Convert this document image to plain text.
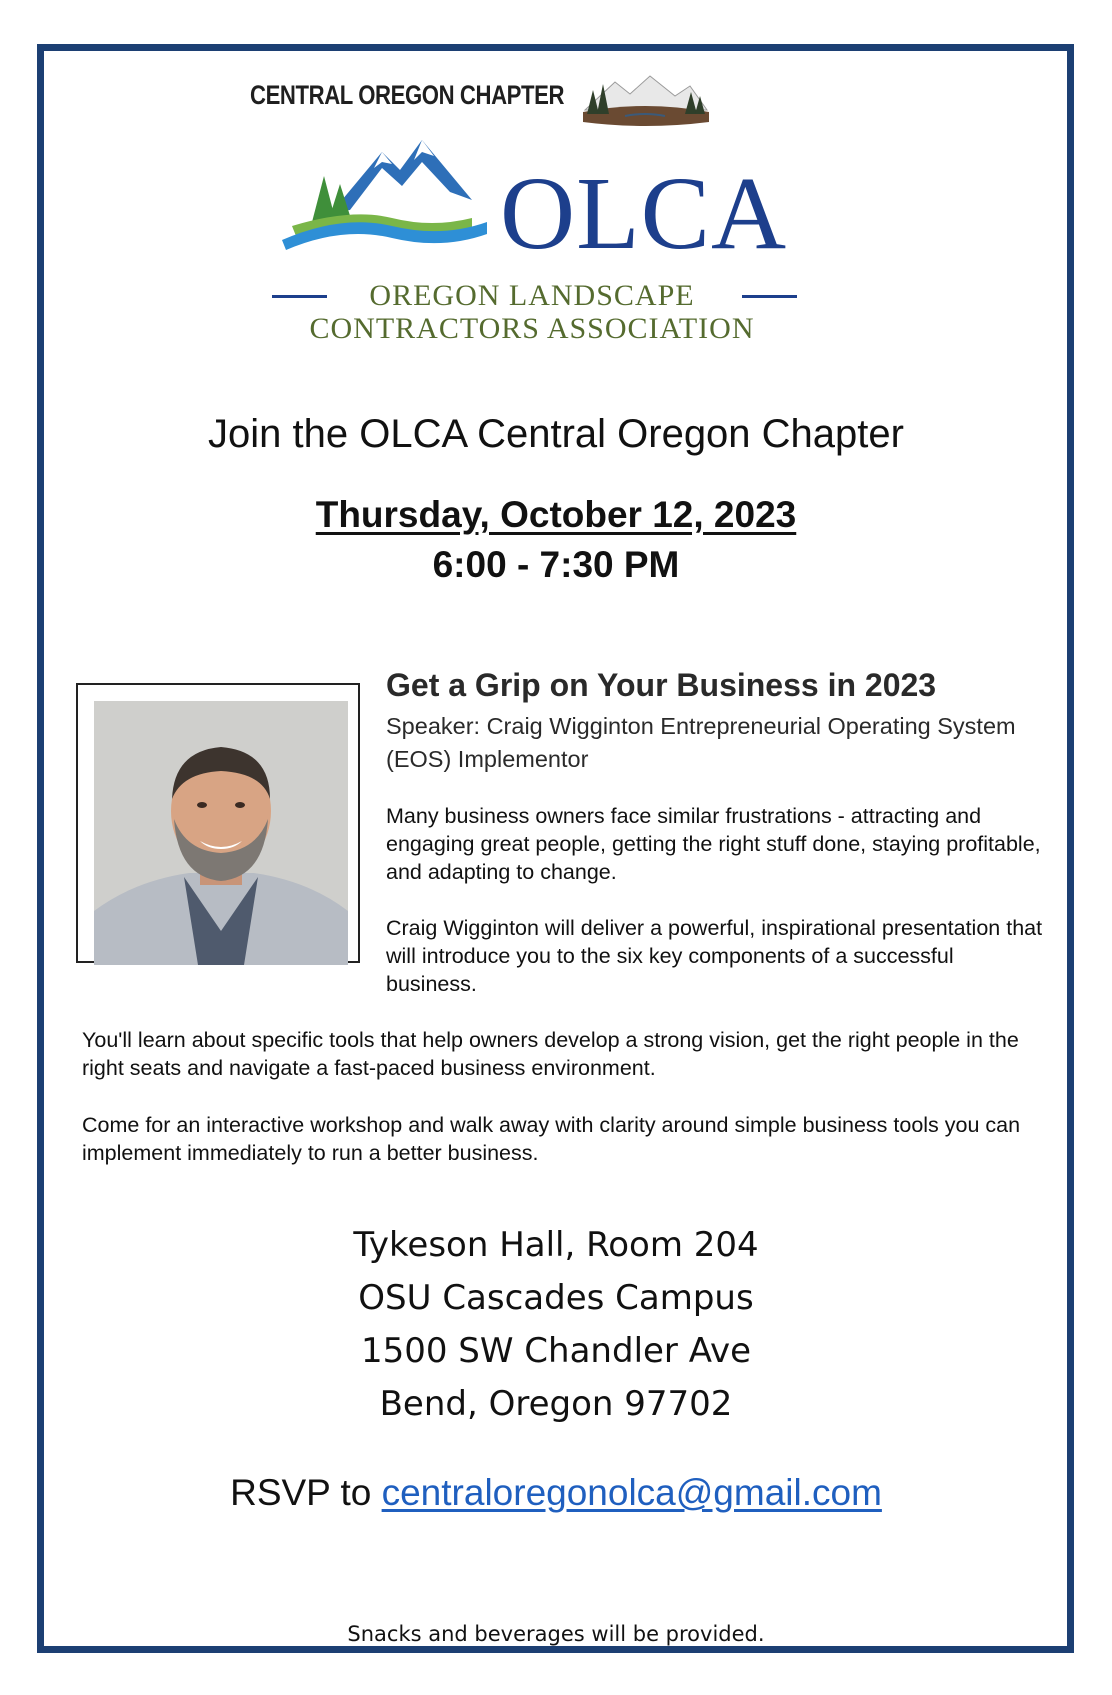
CENTRAL OREGON CHAPTER
OLCA
OREGON LANDSCAPE
CONTRACTORS ASSOCIATION
Join the OLCA Central Oregon Chapter
Thursday, October 12, 2023
6:00 - 7:30 PM
Get a Grip on Your Business in 2023
Speaker: Craig Wigginton Entrepreneurial Operating System (EOS) Implementor
Many business owners face similar frustrations - attracting and engaging great people, getting the right stuff done, staying profitable, and adapting to change.
Craig Wigginton will deliver a powerful, inspirational presentation that will introduce you to the six key components of a successful business.
You'll learn about specific tools that help owners develop a strong vision, get the right people in the right seats and navigate a fast-paced business environment.
Come for an interactive workshop and walk away with clarity around simple business tools you can implement immediately to run a better business.
Tykeson Hall, Room 204
OSU Cascades Campus
1500 SW Chandler Ave
Bend, Oregon 97702
RSVP to centraloregonolca@gmail.com
Snacks and beverages will be provided.
